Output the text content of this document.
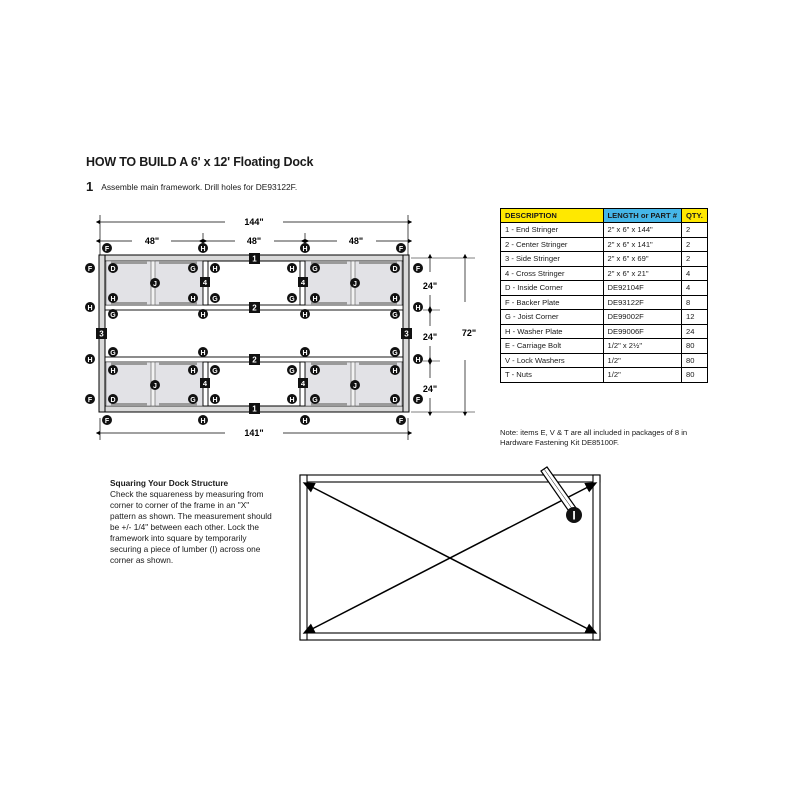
HOW TO BUILD A 6' x 12' Floating Dock
1 Assemble main framework. Drill holes for DE93122F.
144"
48"	48"	48"
72"
24"
24"
24"
141"
1
2
2
1
3	3
4	4
4	4
F	H	H	F
F	H	H	F
F
H
H
F
F
H
H
F
D	G
H	H
J
G	D
H	H
J
H	H
G	G
G	H	H	G
G	H	H	G
H	H
D	G
J
H	H
G	D
J
G	G
H	H
DESCRIPTION	LENGTH or PART #	QTY.
1 - End Stringer	2" x 6" x 144"	2
2 - Center Stringer	2" x 6" x 141"	2
3 - Side Stringer	2" x 6" x 69"	2
4 - Cross Stringer	2" x 6" x 21"	4
D - Inside Corner	DE92104F	4
F - Backer Plate	DE93122F	8
G - Joist Corner	DE99002F	12
H - Washer Plate	DE99006F	24
E - Carriage Bolt	1/2" x 2½"	80
V - Lock Washers	1/2"	80
T - Nuts	1/2"	80
Note: items E, V & T are all included in packages of 8 in Hardware Fastening Kit DE85100F.
Squaring Your Dock Structure
Check the squareness by measuring from corner to corner of the frame in an "X" pattern as shown. The measurement should be +/- 1/4" between each other. Lock the framework into square by temporarily securing a piece of lumber (I) across one corner as shown.
I
